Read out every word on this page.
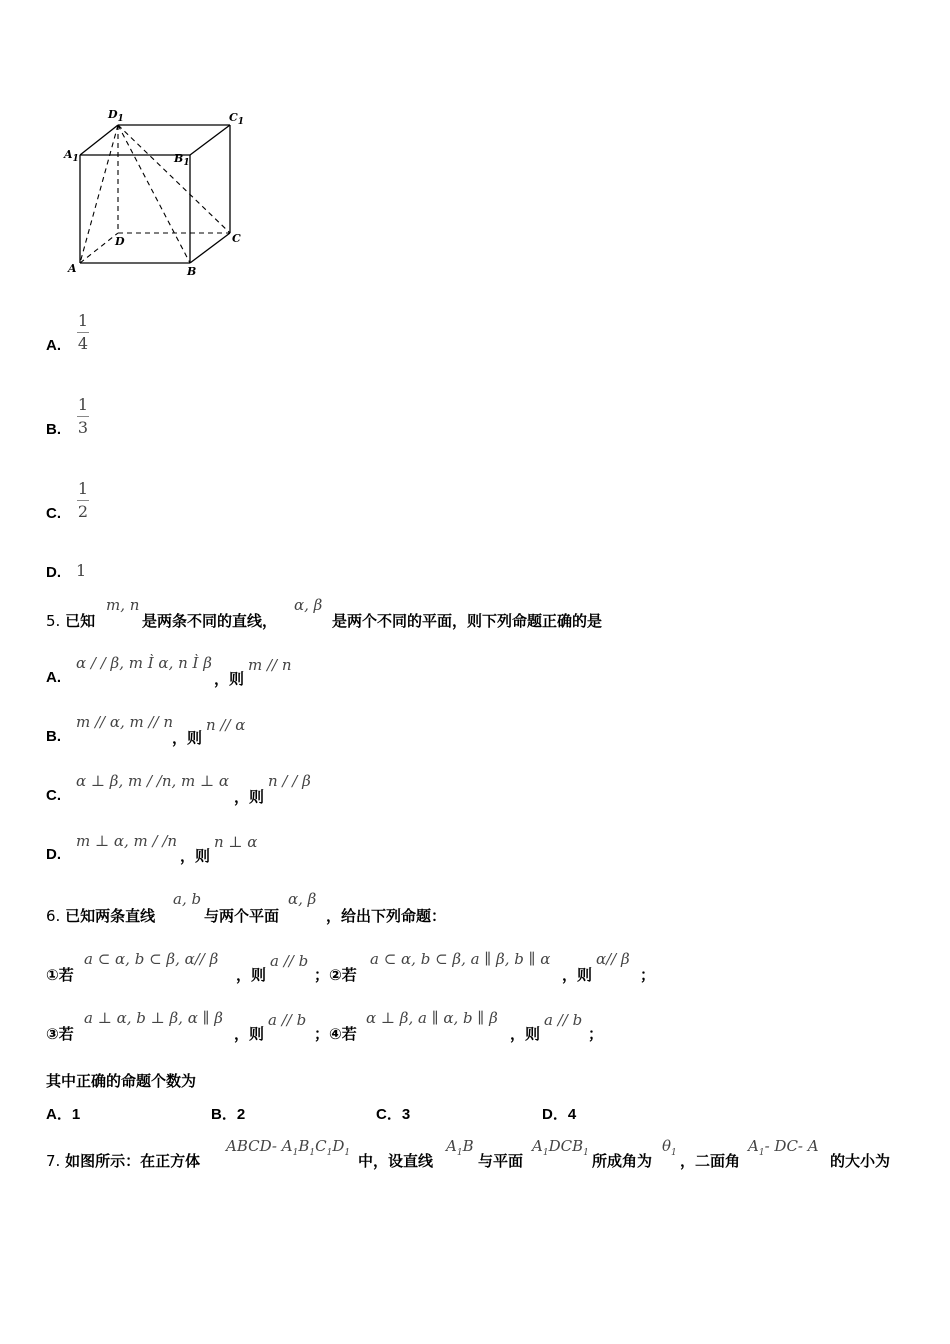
$D_1$	$C_1$
$A_1$	$B_1$
D	C
A	B
A.
1
4
B.
1
3
C.
1
2
D. 1
5. 已知
m, n
是两条不同的直线，
α, β
是两个不同的平面，则下列命题正确的是
A.
α / / β, m Ì α, n Ì β
，则
m // n
B.
m // α, m // n
，则
n // α
C.
α ⊥ β, m / /n, m ⊥ α
，则
n / / β
D.
m ⊥ α, m / /n
，则
n ⊥ α
6. 已知两条直线
a, b
与两个平面
α, β
，给出下列命题：
①若
a ⊂ α, b ⊂ β, α// β
，则
a // b
；②若
a ⊂ α, b ⊂ β, a ∥ β, b ∥ α
，则
α// β
；
③若
a ⊥ α, b ⊥ β, α ∥ β
，则
a // b
；④若
α ⊥ β, a ∥ α, b ∥ β
，则
a // b
；
其中正确的命题个数为
A．1	B．2	C．3	D．4
7. 如图所示：在正方体
ABCD- $A_1B_1C_1D_1$ 中，设直线
$A_1B$
与平面
$A_1DCB_1$ 所成角为
$\theta_1$ ，二面角
$A_1-$ DC- A
的大小为
